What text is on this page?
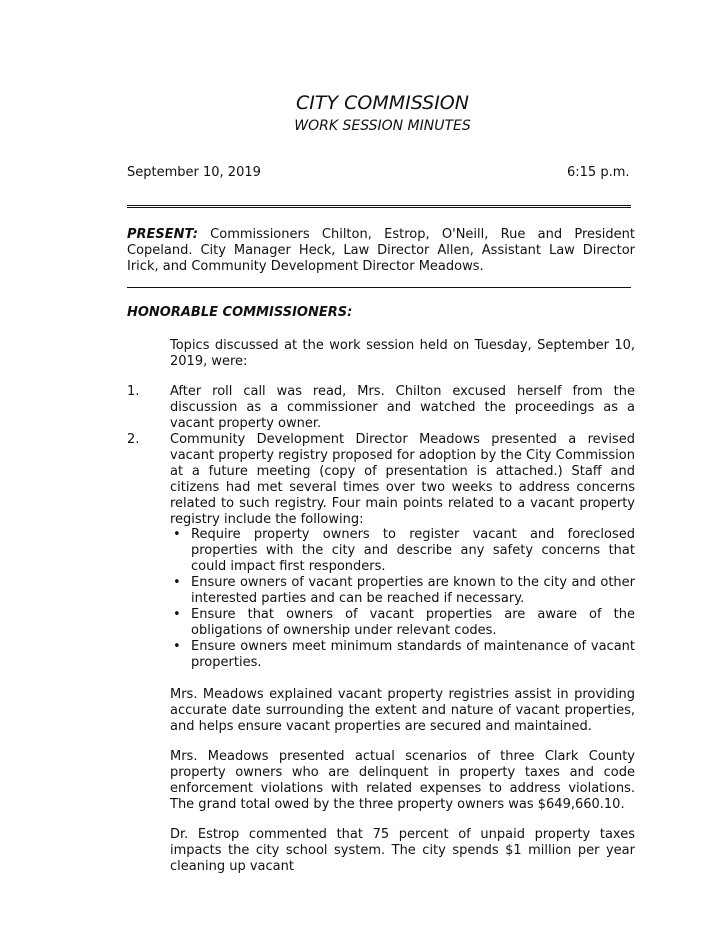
CITY COMMISSION
WORK SESSION MINUTES
September 10, 2019	6:15 p.m.
PRESENT: Commissioners Chilton, Estrop, O'Neill, Rue and President Copeland. City Manager Heck, Law Director Allen, Assistant Law Director Irick, and Community Development Director Meadows.
HONORABLE COMMISSIONERS:
Topics discussed at the work session held on Tuesday, September 10, 2019, were:
1. After roll call was read, Mrs. Chilton excused herself from the discussion as a commissioner and watched the proceedings as a vacant property owner.
2. Community Development Director Meadows presented a revised vacant property registry proposed for adoption by the City Commission at a future meeting (copy of presentation is attached.) Staff and citizens had met several times over two weeks to address concerns related to such registry. Four main points related to a vacant property registry include the following:
• Require property owners to register vacant and foreclosed properties with the city and describe any safety concerns that could impact first responders.
• Ensure owners of vacant properties are known to the city and other interested parties and can be reached if necessary.
• Ensure that owners of vacant properties are aware of the obligations of ownership under relevant codes.
• Ensure owners meet minimum standards of maintenance of vacant properties.
Mrs. Meadows explained vacant property registries assist in providing accurate date surrounding the extent and nature of vacant properties, and helps ensure vacant properties are secured and maintained.
Mrs. Meadows presented actual scenarios of three Clark County property owners who are delinquent in property taxes and code enforcement violations with related expenses to address violations. The grand total owed by the three property owners was $649,660.10.
Dr. Estrop commented that 75 percent of unpaid property taxes impacts the city school system. The city spends $1 million per year cleaning up vacant
